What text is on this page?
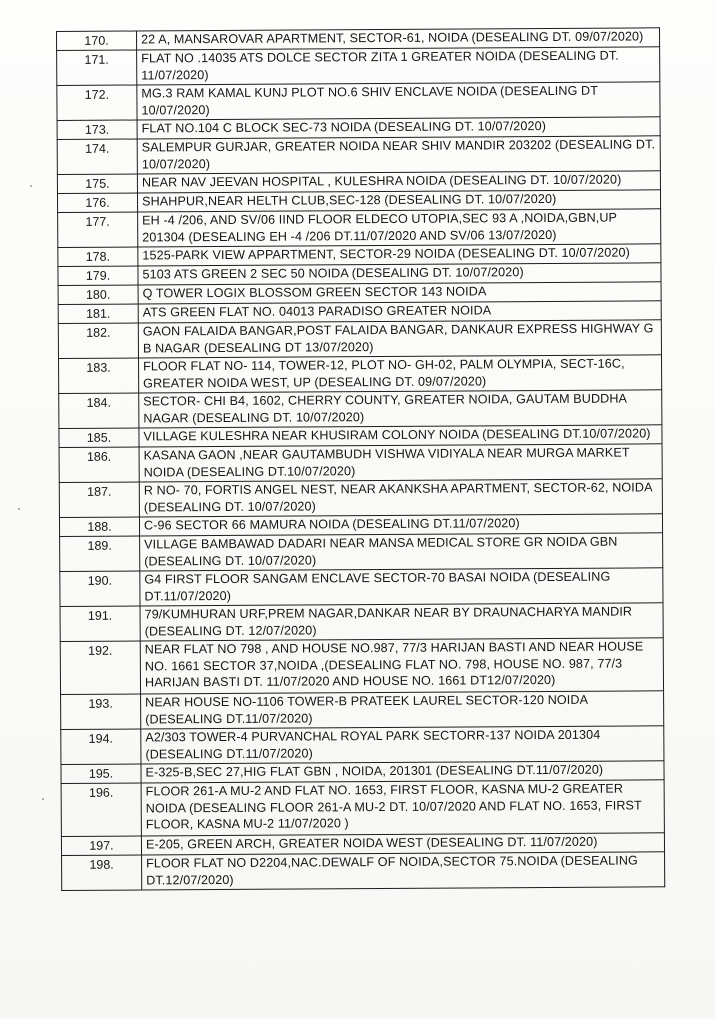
170.	22 A, MANSAROVAR APARTMENT, SECTOR-61, NOIDA (DESEALING DT. 09/07/2020)
171.	FLAT NO .14035 ATS DOLCE SECTOR ZITA 1 GREATER NOIDA (DESEALING DT. 11/07/2020)
172.	MG.3 RAM KAMAL KUNJ PLOT NO.6 SHIV ENCLAVE NOIDA (DESEALING DT 10/07/2020)
173.	FLAT NO.104 C BLOCK SEC-73 NOIDA (DESEALING DT. 10/07/2020)
174.	SALEMPUR GURJAR, GREATER NOIDA NEAR SHIV MANDIR 203202 (DESEALING DT. 10/07/2020)
175.	NEAR NAV JEEVAN HOSPITAL , KULESHRA NOIDA (DESEALING DT. 10/07/2020)
176.	SHAHPUR,NEAR HELTH CLUB,SEC-128 (DESEALING DT. 10/07/2020)
177.	EH -4 /206, AND SV/06 IIND FLOOR ELDECO UTOPIA,SEC 93 A ,NOIDA,GBN,UP 201304 (DESEALING EH -4 /206 DT.11/07/2020 AND SV/06 13/07/2020)
178.	1525-PARK VIEW APPARTMENT, SECTOR-29 NOIDA (DESEALING DT. 10/07/2020)
179.	5103 ATS GREEN 2 SEC 50 NOIDA (DESEALING DT. 10/07/2020)
180.	Q TOWER LOGIX BLOSSOM GREEN SECTOR 143 NOIDA
181.	ATS GREEN FLAT NO. 04013 PARADISO GREATER NOIDA
182.	GAON FALAIDA BANGAR,POST FALAIDA BANGAR, DANKAUR EXPRESS HIGHWAY G B NAGAR (DESEALING DT 13/07/2020)
183.	FLOOR FLAT NO- 114, TOWER-12, PLOT NO- GH-02, PALM OLYMPIA, SECT-16C, GREATER NOIDA WEST, UP (DESEALING DT. 09/07/2020)
184.	SECTOR- CHI B4, 1602, CHERRY COUNTY, GREATER NOIDA, GAUTAM BUDDHA NAGAR (DESEALING DT. 10/07/2020)
185.	VILLAGE KULESHRA NEAR KHUSIRAM COLONY NOIDA (DESEALING DT.10/07/2020)
186.	KASANA GAON ,NEAR GAUTAMBUDH VISHWA VIDIYALA NEAR MURGA MARKET NOIDA (DESEALING DT.10/07/2020)
187.	R NO- 70, FORTIS ANGEL NEST, NEAR AKANKSHA APARTMENT, SECTOR-62, NOIDA (DESEALING DT. 10/07/2020)
188.	C-96 SECTOR 66 MAMURA NOIDA (DESEALING DT.11/07/2020)
189.	VILLAGE BAMBAWAD DADARI NEAR MANSA MEDICAL STORE GR NOIDA GBN (DESEALING DT. 10/07/2020)
190.	G4 FIRST FLOOR SANGAM ENCLAVE SECTOR-70 BASAI NOIDA (DESEALING DT.11/07/2020)
191.	79/KUMHURAN URF,PREM NAGAR,DANKAR NEAR BY DRAUNACHARYA MANDIR (DESEALING DT. 12/07/2020)
192.	NEAR FLAT NO 798 , AND HOUSE NO.987, 77/3 HARIJAN BASTI AND NEAR HOUSE NO. 1661 SECTOR 37,NOIDA ,(DESEALING FLAT NO. 798, HOUSE NO. 987, 77/3 HARIJAN BASTI DT. 11/07/2020 AND HOUSE NO. 1661 DT12/07/2020)
193.	NEAR HOUSE NO-1106 TOWER-B PRATEEK LAUREL SECTOR-120 NOIDA (DESEALING DT.11/07/2020)
194.	A2/303 TOWER-4 PURVANCHAL ROYAL PARK SECTORR-137 NOIDA 201304 (DESEALING DT.11/07/2020)
195.	E-325-B,SEC 27,HIG FLAT GBN , NOIDA, 201301 (DESEALING DT.11/07/2020)
196.	FLOOR 261-A MU-2 AND FLAT NO. 1653, FIRST FLOOR, KASNA MU-2 GREATER NOIDA (DESEALING FLOOR 261-A MU-2 DT. 10/07/2020 AND FLAT NO. 1653, FIRST FLOOR, KASNA MU-2 11/07/2020 )
197.	E-205, GREEN ARCH, GREATER NOIDA WEST (DESEALING DT. 11/07/2020)
198.	FLOOR FLAT NO D2204,NAC.DEWALF OF NOIDA,SECTOR 75.NOIDA (DESEALING DT.12/07/2020)
